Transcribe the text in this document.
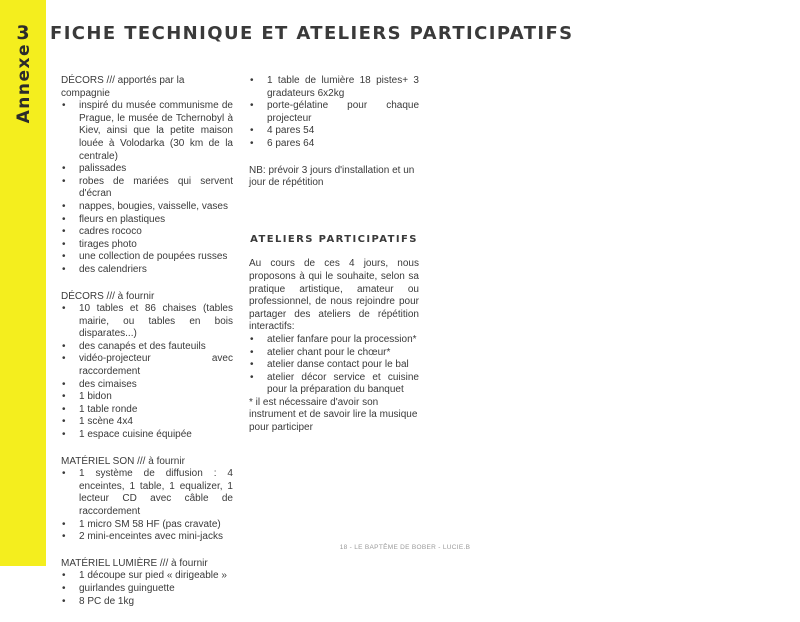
3
Annexe
FICHE TECHNIQUE ET ATELIERS PARTICIPATIFS

DÉCORS /// apportés par la compagnie

• inspiré du musée communisme de Prague, le musée de Tchernobyl à Kiev, ainsi que la petite maison louée à Volodarka (30 km de la centrale)
• palissades
• robes de mariées qui servent d'écran
• nappes, bougies, vaisselle, vases
• fleurs en plastiques
• cadres rococo
• tirages photo
• une collection de poupées russes
• des calendriers

DÉCORS /// à fournir

• 10 tables et 86 chaises (tables mairie, ou tables en bois disparates...)
• des canapés et des fauteuils
• vidéo-projecteur avec raccordement
• des cimaises
• 1 bidon
• 1 table ronde
• 1 scène 4x4
• 1 espace cuisine équipée

MATÉRIEL SON /// à fournir

• 1 système de diffusion : 4 enceintes, 1 table, 1 equalizer, 1 lecteur CD avec câble de raccordement
• 1 micro SM 58 HF (pas cravate)
• 2 mini-enceintes avec mini-jacks

MATÉRIEL LUMIÈRE /// à fournir

• 1 découpe sur pied « dirigeable »
• guirlandes guinguette
• 8 PC de 1kg
• 1 table de lumière 18 pistes+ 3 gradateurs 6x2kg
• porte-gélatine pour chaque projecteur
• 4 pares 54
• 6 pares 64

NB: prévoir 3 jours d'installation et un jour de répétition

ATELIERS PARTICIPATIFS

Au cours de ces 4 jours, nous proposons à qui le souhaite, selon sa pratique artistique, amateur ou professionnel, de nous rejoindre pour partager des ateliers de répétition interactifs:

• atelier fanfare pour la procession*
• atelier chant pour le chœur*
• atelier danse contact pour le bal
• atelier décor service et cuisine pour la préparation du banquet

* il est nécessaire d'avoir son instrument et de savoir lire la musique pour participer

18 - LE BAPTÊME DE BOBER - LUCIE.B
